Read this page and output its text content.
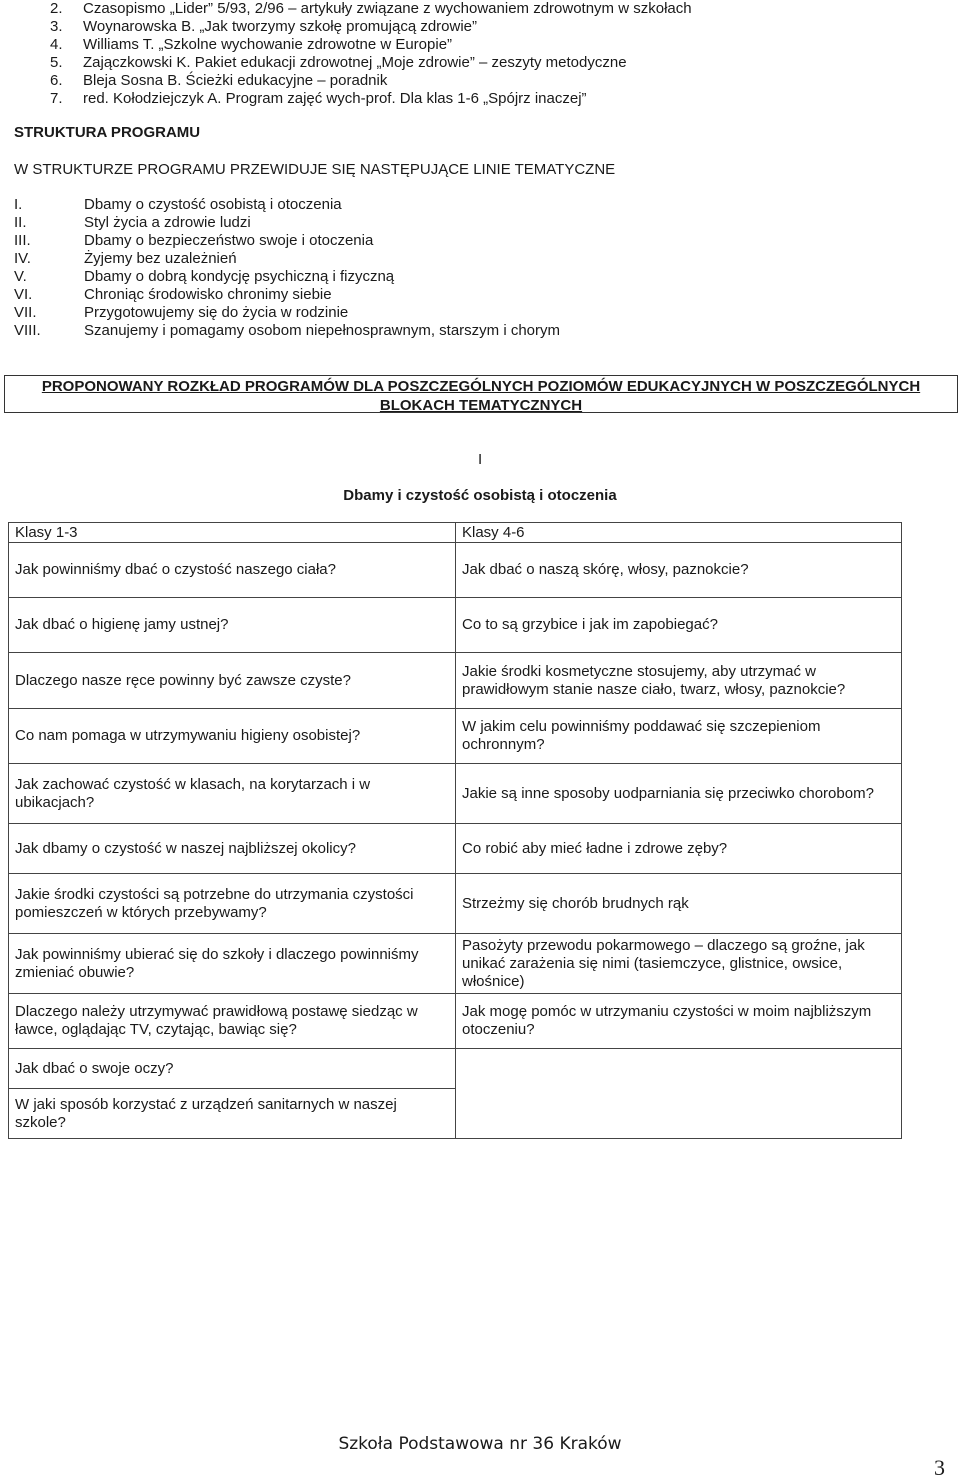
2. Czasopismo „Lider” 5/93, 2/96 – artykuły związane z wychowaniem zdrowotnym w szkołach
3. Woynarowska B. „Jak tworzymy szkołę promującą zdrowie”
4. Williams T. „Szkolne wychowanie zdrowotne w Europie”
5. Zajączkowski K. Pakiet edukacji zdrowotnej „Moje zdrowie” – zeszyty metodyczne
6. Bleja Sosna B. Ścieżki edukacyjne – poradnik
7. red. Kołodziejczyk A. Program zajęć wych-prof. Dla klas 1-6 „Spójrz inaczej”
STRUKTURA PROGRAMU
W STRUKTURZE PROGRAMU PRZEWIDUJE SIĘ NASTĘPUJĄCE LINIE TEMATYCZNE
I.	Dbamy o czystość osobistą i otoczenia
II.	Styl życia a zdrowie ludzi
III.	Dbamy o bezpieczeństwo swoje i otoczenia
IV.	Żyjemy bez uzależnień
V.	Dbamy o dobrą kondycję psychiczną i fizyczną
VI.	Chroniąc środowisko chronimy siebie
VII.	Przygotowujemy się do życia w rodzinie
VIII.	Szanujemy i pomagamy osobom niepełnosprawnym, starszym i chorym
PROPONOWANY ROZKŁAD PROGRAMÓW DLA POSZCZEGÓLNYCH POZIOMÓW EDUKACYJNYCH W POSZCZEGÓLNYCH
BLOKACH TEMATYCZNYCH
I
Dbamy i czystość osobistą i otoczenia
Klasy 1-3	Klasy 4-6
Jak powinniśmy dbać o czystość naszego ciała?	Jak dbać o naszą skórę, włosy, paznokcie?
Jak dbać o higienę jamy ustnej?	Co to są grzybice i jak im zapobiegać?
Dlaczego nasze ręce powinny być zawsze czyste?	Jakie środki kosmetyczne stosujemy, aby utrzymać w prawidłowym stanie nasze ciało, twarz, włosy, paznokcie?
Co nam pomaga w utrzymywaniu higieny osobistej?	W jakim celu powinniśmy poddawać się szczepieniom ochronnym?
Jak zachować czystość w klasach, na korytarzach i w ubikacjach?	Jakie są inne sposoby uodparniania się przeciwko chorobom?
Jak dbamy o czystość w naszej najbliższej okolicy?	Co robić aby mieć ładne i zdrowe zęby?
Jakie środki czystości są potrzebne do utrzymania czystości pomieszczeń w których przebywamy?	Strzeżmy się chorób brudnych rąk
Jak powinniśmy ubierać się do szkoły i dlaczego powinniśmy zmieniać obuwie?	Pasożyty przewodu pokarmowego – dlaczego są groźne, jak unikać zarażenia się nimi (tasiemczyce, glistnice, owsice, włośnice)
Dlaczego należy utrzymywać prawidłową postawę siedząc w ławce, oglądając TV, czytając, bawiąc się?	Jak mogę pomóc w utrzymaniu czystości w moim najbliższym otoczeniu?
Jak dbać o swoje oczy?	
W jaki sposób korzystać z urządzeń sanitarnych w naszej szkole?	
Szkoła Podstawowa nr 36 Kraków
3
